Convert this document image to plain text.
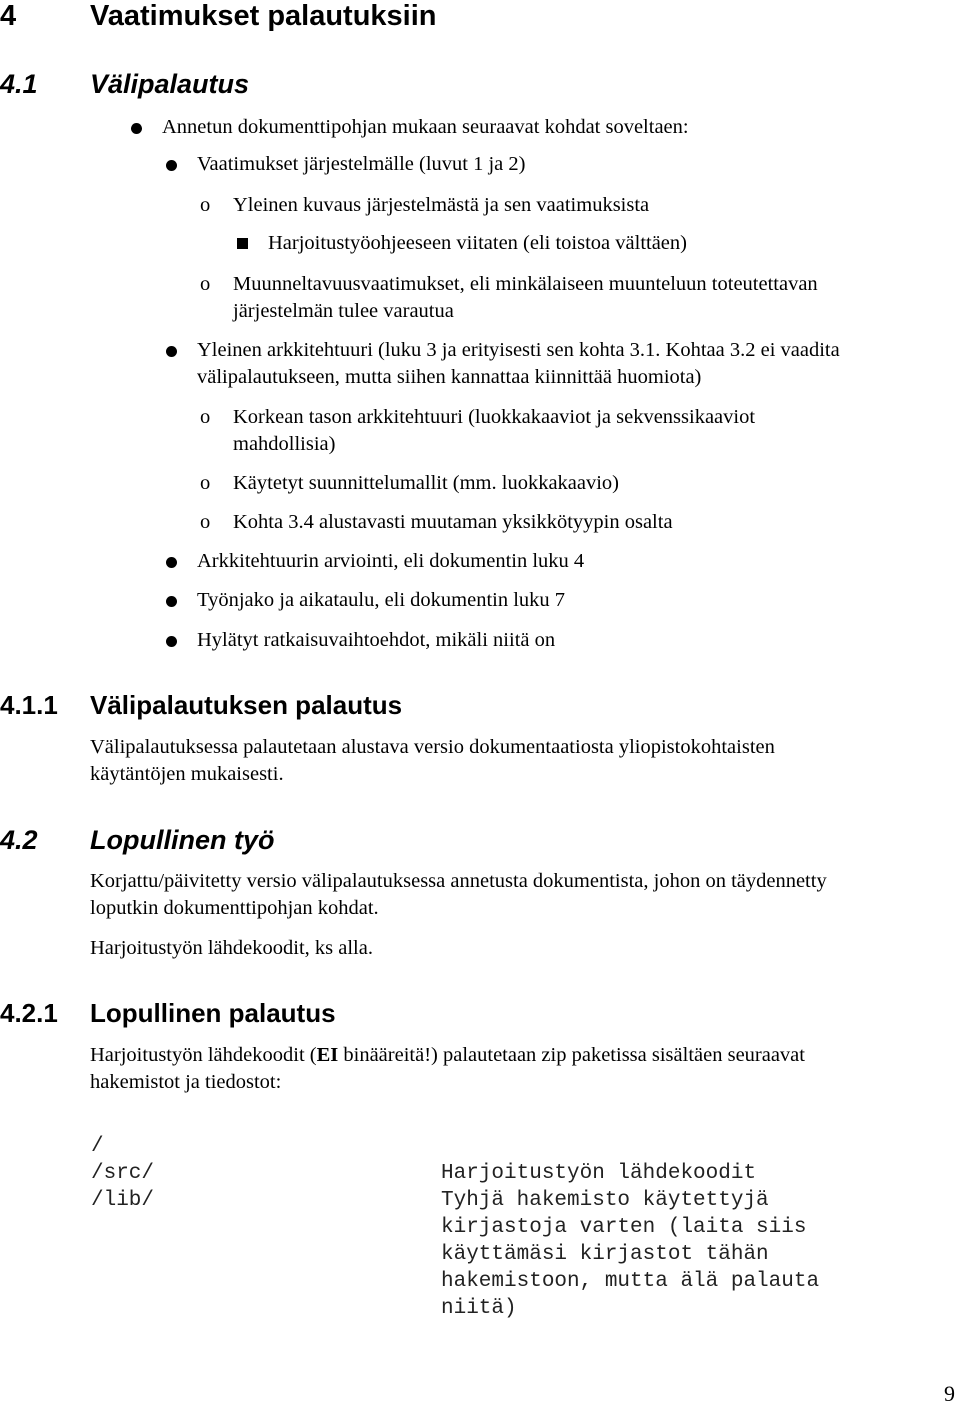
4	Vaatimukset palautuksiin
4.1 Välipalautus
Annetun dokumenttipohjan mukaan seuraavat kohdat soveltaen:
Vaatimukset järjestelmälle (luvut 1 ja 2)
o Yleinen kuvaus järjestelmästä ja sen vaatimuksista
Harjoitustyöohjeeseen viitaten (eli toistoa välttäen)
o Muunneltavuusvaatimukset, eli minkälaiseen muunteluun toteutettavan
järjestelmän tulee varautua
Yleinen arkkitehtuuri (luku 3 ja erityisesti sen kohta 3.1. Kohtaa 3.2 ei vaadita
välipalautukseen, mutta siihen kannattaa kiinnittää huomiota)
o Korkean tason arkkitehtuuri (luokkakaaviot ja sekvenssikaaviot
mahdollisia)
o Käytetyt suunnittelumallit (mm. luokkakaavio)
o Kohta 3.4 alustavasti muutaman yksikkötyypin osalta
Arkkitehtuurin arviointi, eli dokumentin luku 4
Työnjako ja aikataulu, eli dokumentin luku 7
Hylätyt ratkaisuvaihtoehdot, mikäli niitä on
4.1.1 Välipalautuksen palautus
Välipalautuksessa palautetaan alustava versio dokumentaatiosta yliopistokohtaisten
käytäntöjen mukaisesti.
4.2 Lopullinen työ
Korjattu/päivitetty versio välipalautuksessa annetusta dokumentista, johon on täydennetty
loputkin dokumenttipohjan kohdat.
Harjoitustyön lähdekoodit, ks alla.
4.2.1 Lopullinen palautus
Harjoitustyön lähdekoodit (EI binääreitä!) palautetaan zip paketissa sisältäen seuraavat
hakemistot ja tiedostot:
/
/src/
/lib/
Harjoitustyön lähdekoodit
Tyhjä hakemisto käytettyjä
kirjastoja varten (laita siis
käyttämäsi kirjastot tähän
hakemistoon, mutta älä palauta
niitä)
9
